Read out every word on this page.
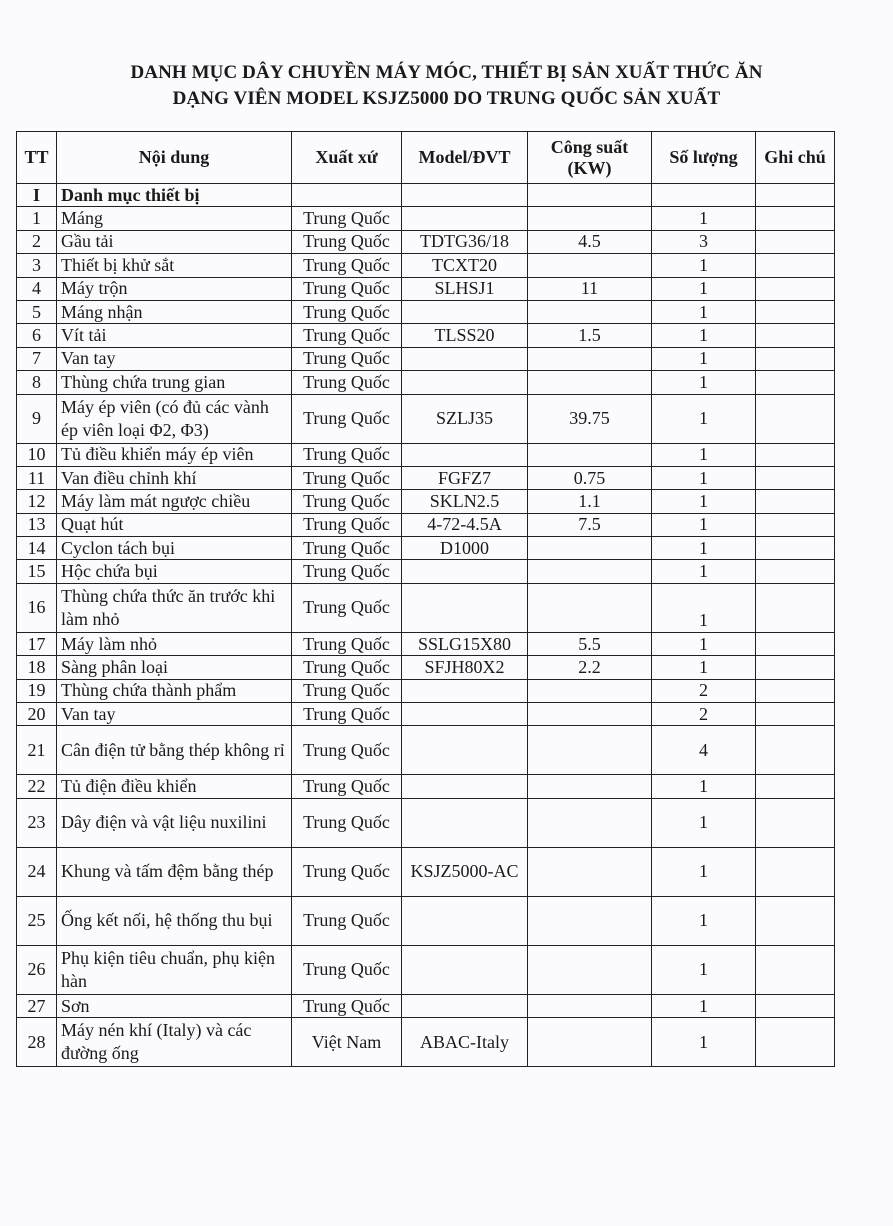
DANH MỤC DÂY CHUYỀN MÁY MÓC, THIẾT BỊ SẢN XUẤT THỨC ĂN
DẠNG VIÊN MODEL KSJZ5000 DO TRUNG QUỐC SẢN XUẤT
TT	Nội dung	Xuất xứ	Model/ĐVT	Công suất (KW)	Số lượng	Ghi chú
I	Danh mục thiết bị					
1	Máng	Trung Quốc			1	
2	Gầu tải	Trung Quốc	TDTG36/18	4.5	3	
3	Thiết bị khử sắt	Trung Quốc	TCXT20		1	
4	Máy trộn	Trung Quốc	SLHSJ1	11	1	
5	Máng nhận	Trung Quốc			1	
6	Vít tải	Trung Quốc	TLSS20	1.5	1	
7	Van tay	Trung Quốc			1	
8	Thùng chứa trung gian	Trung Quốc			1	
9	Máy ép viên (có đủ các vành ép viên loại Φ2, Φ3)	Trung Quốc	SZLJ35	39.75	1	
10	Tủ điều khiển máy ép viên	Trung Quốc			1	
11	Van điều chỉnh khí	Trung Quốc	FGFZ7	0.75	1	
12	Máy làm mát ngược chiều	Trung Quốc	SKLN2.5	1.1	1	
13	Quạt hút	Trung Quốc	4-72-4.5A	7.5	1	
14	Cyclon tách bụi	Trung Quốc	D1000		1	
15	Hộc chứa bụi	Trung Quốc			1	
16	Thùng chứa thức ăn trước khi làm nhỏ	Trung Quốc			1	
17	Máy làm nhỏ	Trung Quốc	SSLG15X80	5.5	1	
18	Sàng phân loại	Trung Quốc	SFJH80X2	2.2	1	
19	Thùng chứa thành phẩm	Trung Quốc			2	
20	Van tay	Trung Quốc			2	
21	Cân điện tử bằng thép không rỉ	Trung Quốc			4	
22	Tủ điện điều khiển	Trung Quốc			1	
23	Dây điện và vật liệu nuxilini	Trung Quốc			1	
24	Khung và tấm đệm bằng thép	Trung Quốc	KSJZ5000-AC		1	
25	Ống kết nối, hệ thống thu bụi	Trung Quốc			1	
26	Phụ kiện tiêu chuẩn, phụ kiện hàn	Trung Quốc			1	
27	Sơn	Trung Quốc			1	
28	Máy nén khí (Italy) và các đường ống	Việt Nam	ABAC-Italy		1	
